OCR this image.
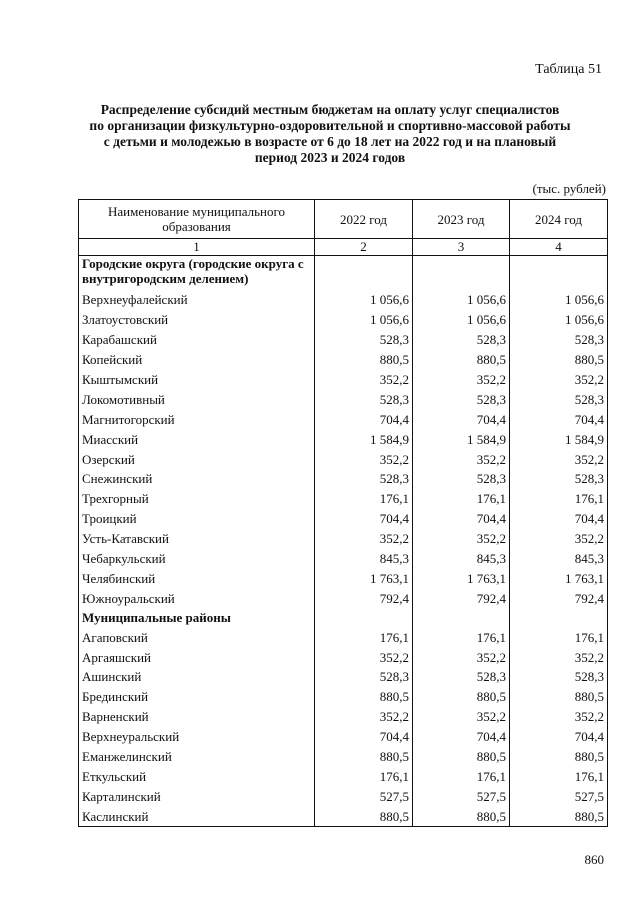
Таблица 51
Распределение субсидий местным бюджетам на оплату услуг специалистов
по организации физкультурно-оздоровительной и спортивно-массовой работы
с детьми и молодежью в возрасте от 6 до 18 лет на 2022 год и на плановый
период 2023 и 2024 годов
(тыс. рублей)
Наименование муниципального образования	2022 год	2023 год	2024 год
1	2	3	4
Городские округа (городские округа с внутригородским делением)			
Верхнеуфалейский	1 056,6	1 056,6	1 056,6
Златоустовский	1 056,6	1 056,6	1 056,6
Карабашский	528,3	528,3	528,3
Копейский	880,5	880,5	880,5
Кыштымский	352,2	352,2	352,2
Локомотивный	528,3	528,3	528,3
Магнитогорский	704,4	704,4	704,4
Миасский	1 584,9	1 584,9	1 584,9
Озерский	352,2	352,2	352,2
Снежинский	528,3	528,3	528,3
Трехгорный	176,1	176,1	176,1
Троицкий	704,4	704,4	704,4
Усть-Катавский	352,2	352,2	352,2
Чебаркульский	845,3	845,3	845,3
Челябинский	1 763,1	1 763,1	1 763,1
Южноуральский	792,4	792,4	792,4
Муниципальные районы			
Агаповский	176,1	176,1	176,1
Аргаяшский	352,2	352,2	352,2
Ашинский	528,3	528,3	528,3
Брединский	880,5	880,5	880,5
Варненский	352,2	352,2	352,2
Верхнеуральский	704,4	704,4	704,4
Еманжелинский	880,5	880,5	880,5
Еткульский	176,1	176,1	176,1
Карталинский	527,5	527,5	527,5
Каслинский	880,5	880,5	880,5
860
